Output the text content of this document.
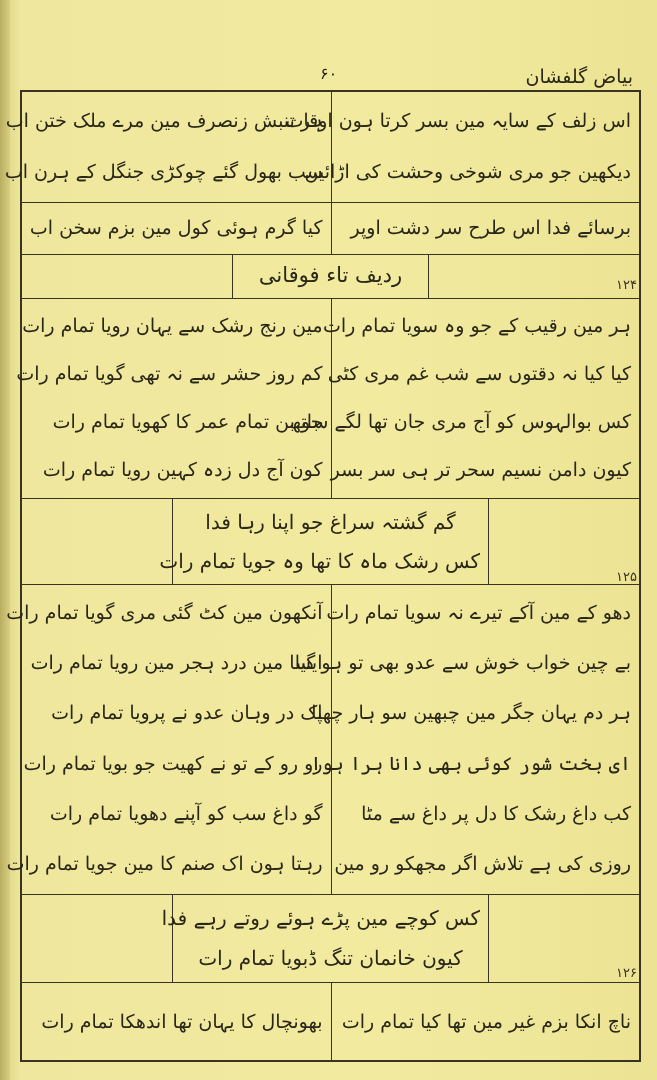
۶۰	بیاض گلفشان
اس زلف کے سایہ مین بسر کرتا ہون اوقات
دیکھین جو مری شوخی وحشت کی اڑائین
ہر تنبش زنصرف مین مرے ملک ختن اب
سب بھول گئے چوکڑی جنگل کے ہرن اب
برسائے فدا اس طرح سر دشت اوپر
کیا گرم ہوئی کول مین بزم سخن اب
ردیف تاء فوقانی	۱۲۴
ہر مین رقیب کے جو وہ سویا تمام رات
کیا کیا نہ دقتوں سے شب غم مری کٹی
کس بوالہوس کو آج مری جان تھا لگے ساتھ
کیون دامن نسیم سحر تر ہی سر بسر
مین رنج رشک سے یہان رویا تمام رات
کم روز حشر سے نہ تھی گویا تمام رات
جو بن تمام عمر کا کھویا تمام رات
کون آج دل زدہ کہین رویا تمام رات
گم گشتہ سراغ جو اپنا رہا فدا
کس رشک ماہ کا تھا وہ جویا تمام رات
۱۲۵
دھو کے مین آکے تیرے نہ سویا تمام رات
بے چین خواب خوش سے عدو بھی تو ہو گیا
ہر دم یہان جگر مین چبھین سو ہار چھپا
ای بخت شور کوئی بھی دانا ہرا ہوا
کب داغ رشک کا دل پر داغ سے مٹا
روزی کی ہے تلاش اگر مجھکو رو مین
آنکھون مین کٹ گئی مری گویا تمام رات
ایسا مین درد ہجر مین رویا تمام رات
اک در وہان عدو نے پرویا تمام رات
رو رو کے تو نے کھیت جو بویا تمام رات
گو داغ سب کو آپنے دھویا تمام رات
رہتا ہون اک صنم کا مین جویا تمام رات
کس کوچے مین پڑے ہوئے روتے رہے فدا
کیون خانمان تنگ ڈبویا تمام رات
۱۲۶
ناچ انکا بزم غیر مین تھا کیا تمام رات
بھونچال کا یہان تھا اندھکا تمام رات
